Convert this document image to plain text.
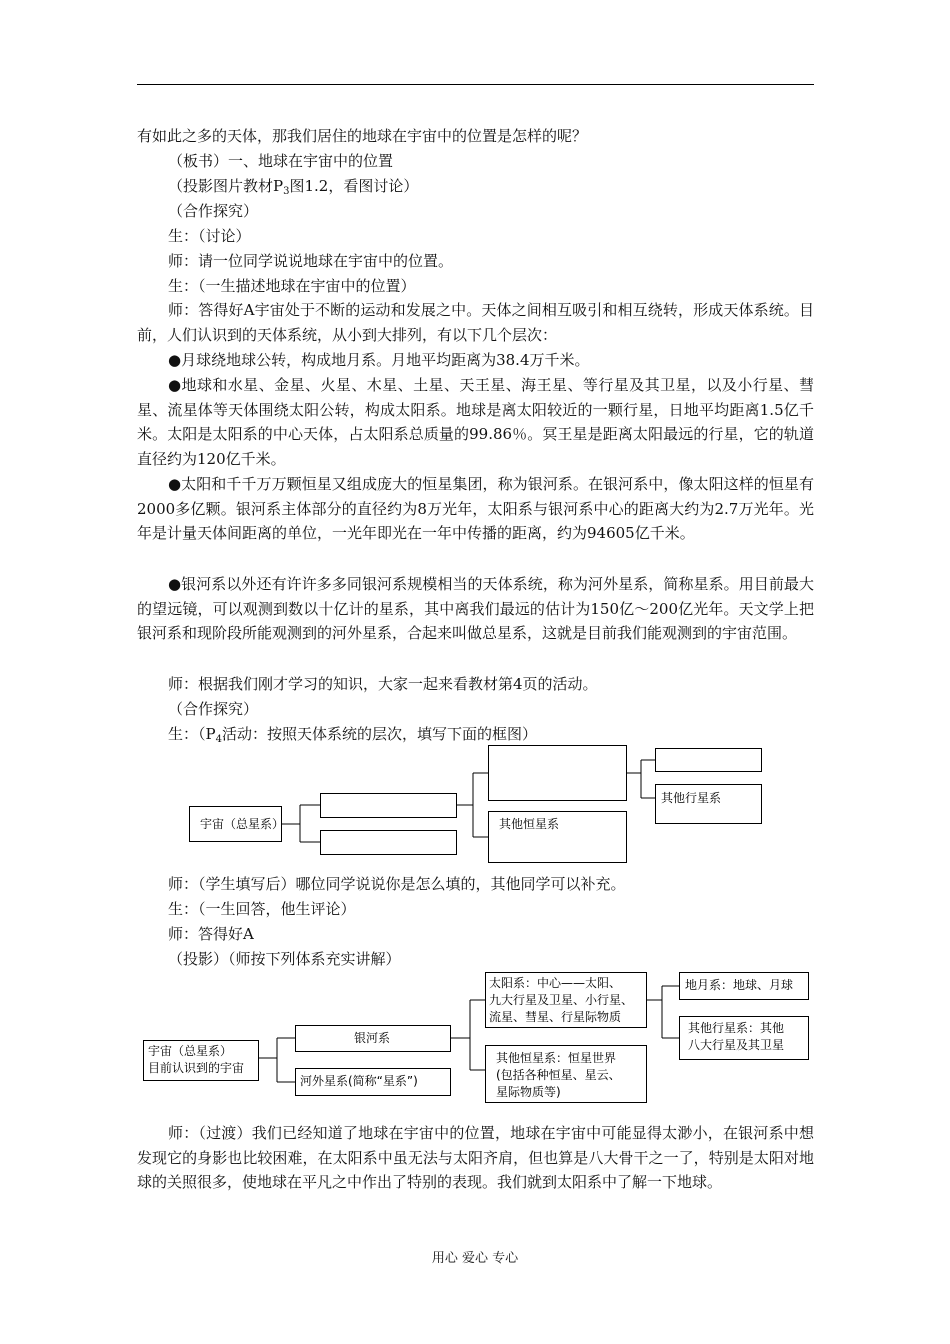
有如此之多的天体，那我们居住的地球在宇宙中的位置是怎样的呢？

（板书）一、地球在宇宙中的位置

（投影图片教材$P_3$图1.2，看图讨论）

（合作探究）

生：（讨论）

师：请一位同学说说地球在宇宙中的位置。

生：（一生描述地球在宇宙中的位置）

师：答得好A宇宙处于不断的运动和发展之中。天体之间相互吸引和相互绕转，形成天体系统。目前，人们认识到的天体系统，从小到大排列，有以下几个层次：

●月球绕地球公转，构成地月系。月地平均距离为38.4万千米。

●地球和水星、金星、火星、木星、土星、天王星、海王星、等行星及其卫星，以及小行星、彗星、流星体等天体围绕太阳公转，构成太阳系。地球是离太阳较近的一颗行星，日地平均距离1.5亿千米。太阳是太阳系的中心天体，占太阳系总质量的99.86％。冥王星是距离太阳最远的行星，它的轨道直径约为120亿千米。

●太阳和千千万万颗恒星又组成庞大的恒星集团，称为银河系。在银河系中，像太阳这样的恒星有2000多亿颗。银河系主体部分的直径约为8万光年，太阳系与银河系中心的距离大约为2.7万光年。光年是计量天体间距离的单位，一光年即光在一年中传播的距离，约为94605亿千米。

●银河系以外还有许许多多同银河系规模相当的天体系统，称为河外星系，简称星系。用目前最大的望远镜，可以观测到数以十亿计的星系，其中离我们最远的估计为150亿～200亿光年。天文学上把银河系和现阶段所能观测到的河外星系，合起来叫做总星系，这就是目前我们能观测到的宇宙范围。

师：根据我们刚才学习的知识，大家一起来看教材第4页的活动。

（合作探究）

生：（$P_4$活动：按照天体系统的层次，填写下面的框图）

宇宙（总星系）	其他恒星系
其他行星系

师：（学生填写后）哪位同学说说你是怎么填的，其他同学可以补充。

生：（一生回答，他生评论）

师：答得好A

（投影）（师按下列体系充实讲解）

宇宙（总星系）
目前认识到的宇宙
银河系
河外星系(简称“星系”)
太阳系：中心——太阳、
九大行星及卫星、小行星、
流星、彗星、行星际物质
其他恒星系：恒星世界
(包括各种恒星、星云、
星际物质等)
地月系：地球、月球
其他行星系：其他
八大行星及其卫星

师：（过渡）我们已经知道了地球在宇宙中的位置，地球在宇宙中可能显得太渺小，在银河系中想发现它的身影也比较困难，在太阳系中虽无法与太阳齐肩，但也算是八大骨干之一了，特别是太阳对地球的关照很多，使地球在平凡之中作出了特别的表现。我们就到太阳系中了解一下地球。

用心 爱心 专心
